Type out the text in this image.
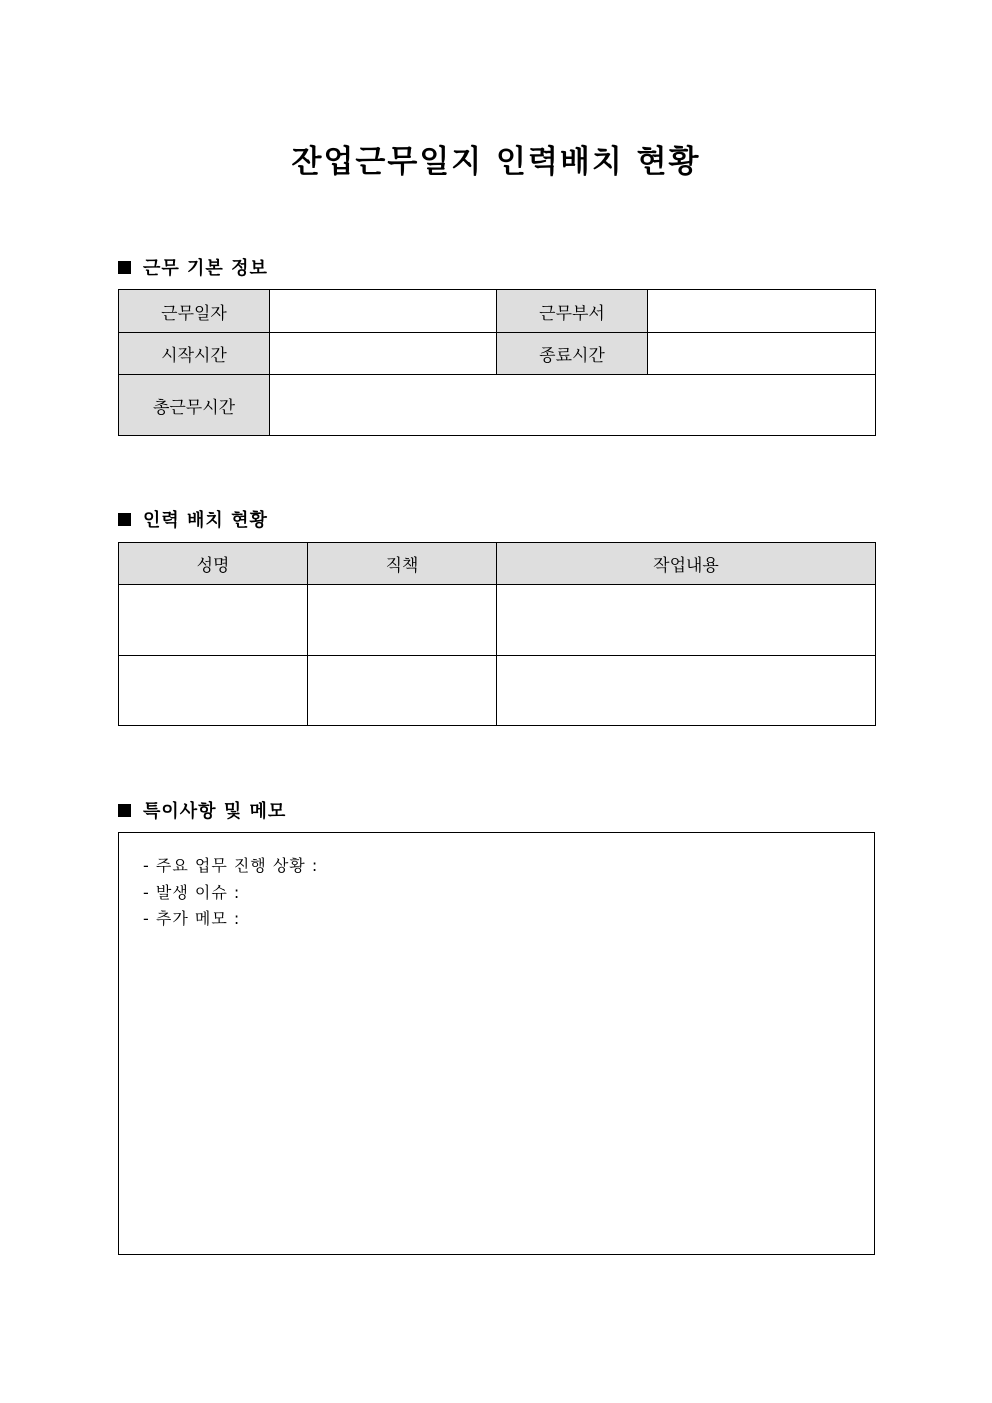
잔업근무일지 인력배치 현황
근무 기본 정보
근무일자		근무부서	
시작시간		종료시간	
총근무시간			
인력 배치 현황
성명	직책	작업내용

특이사항 및 메모
- 주요 업무 진행 상황 :
- 발생 이슈 :
- 추가 메모 :
